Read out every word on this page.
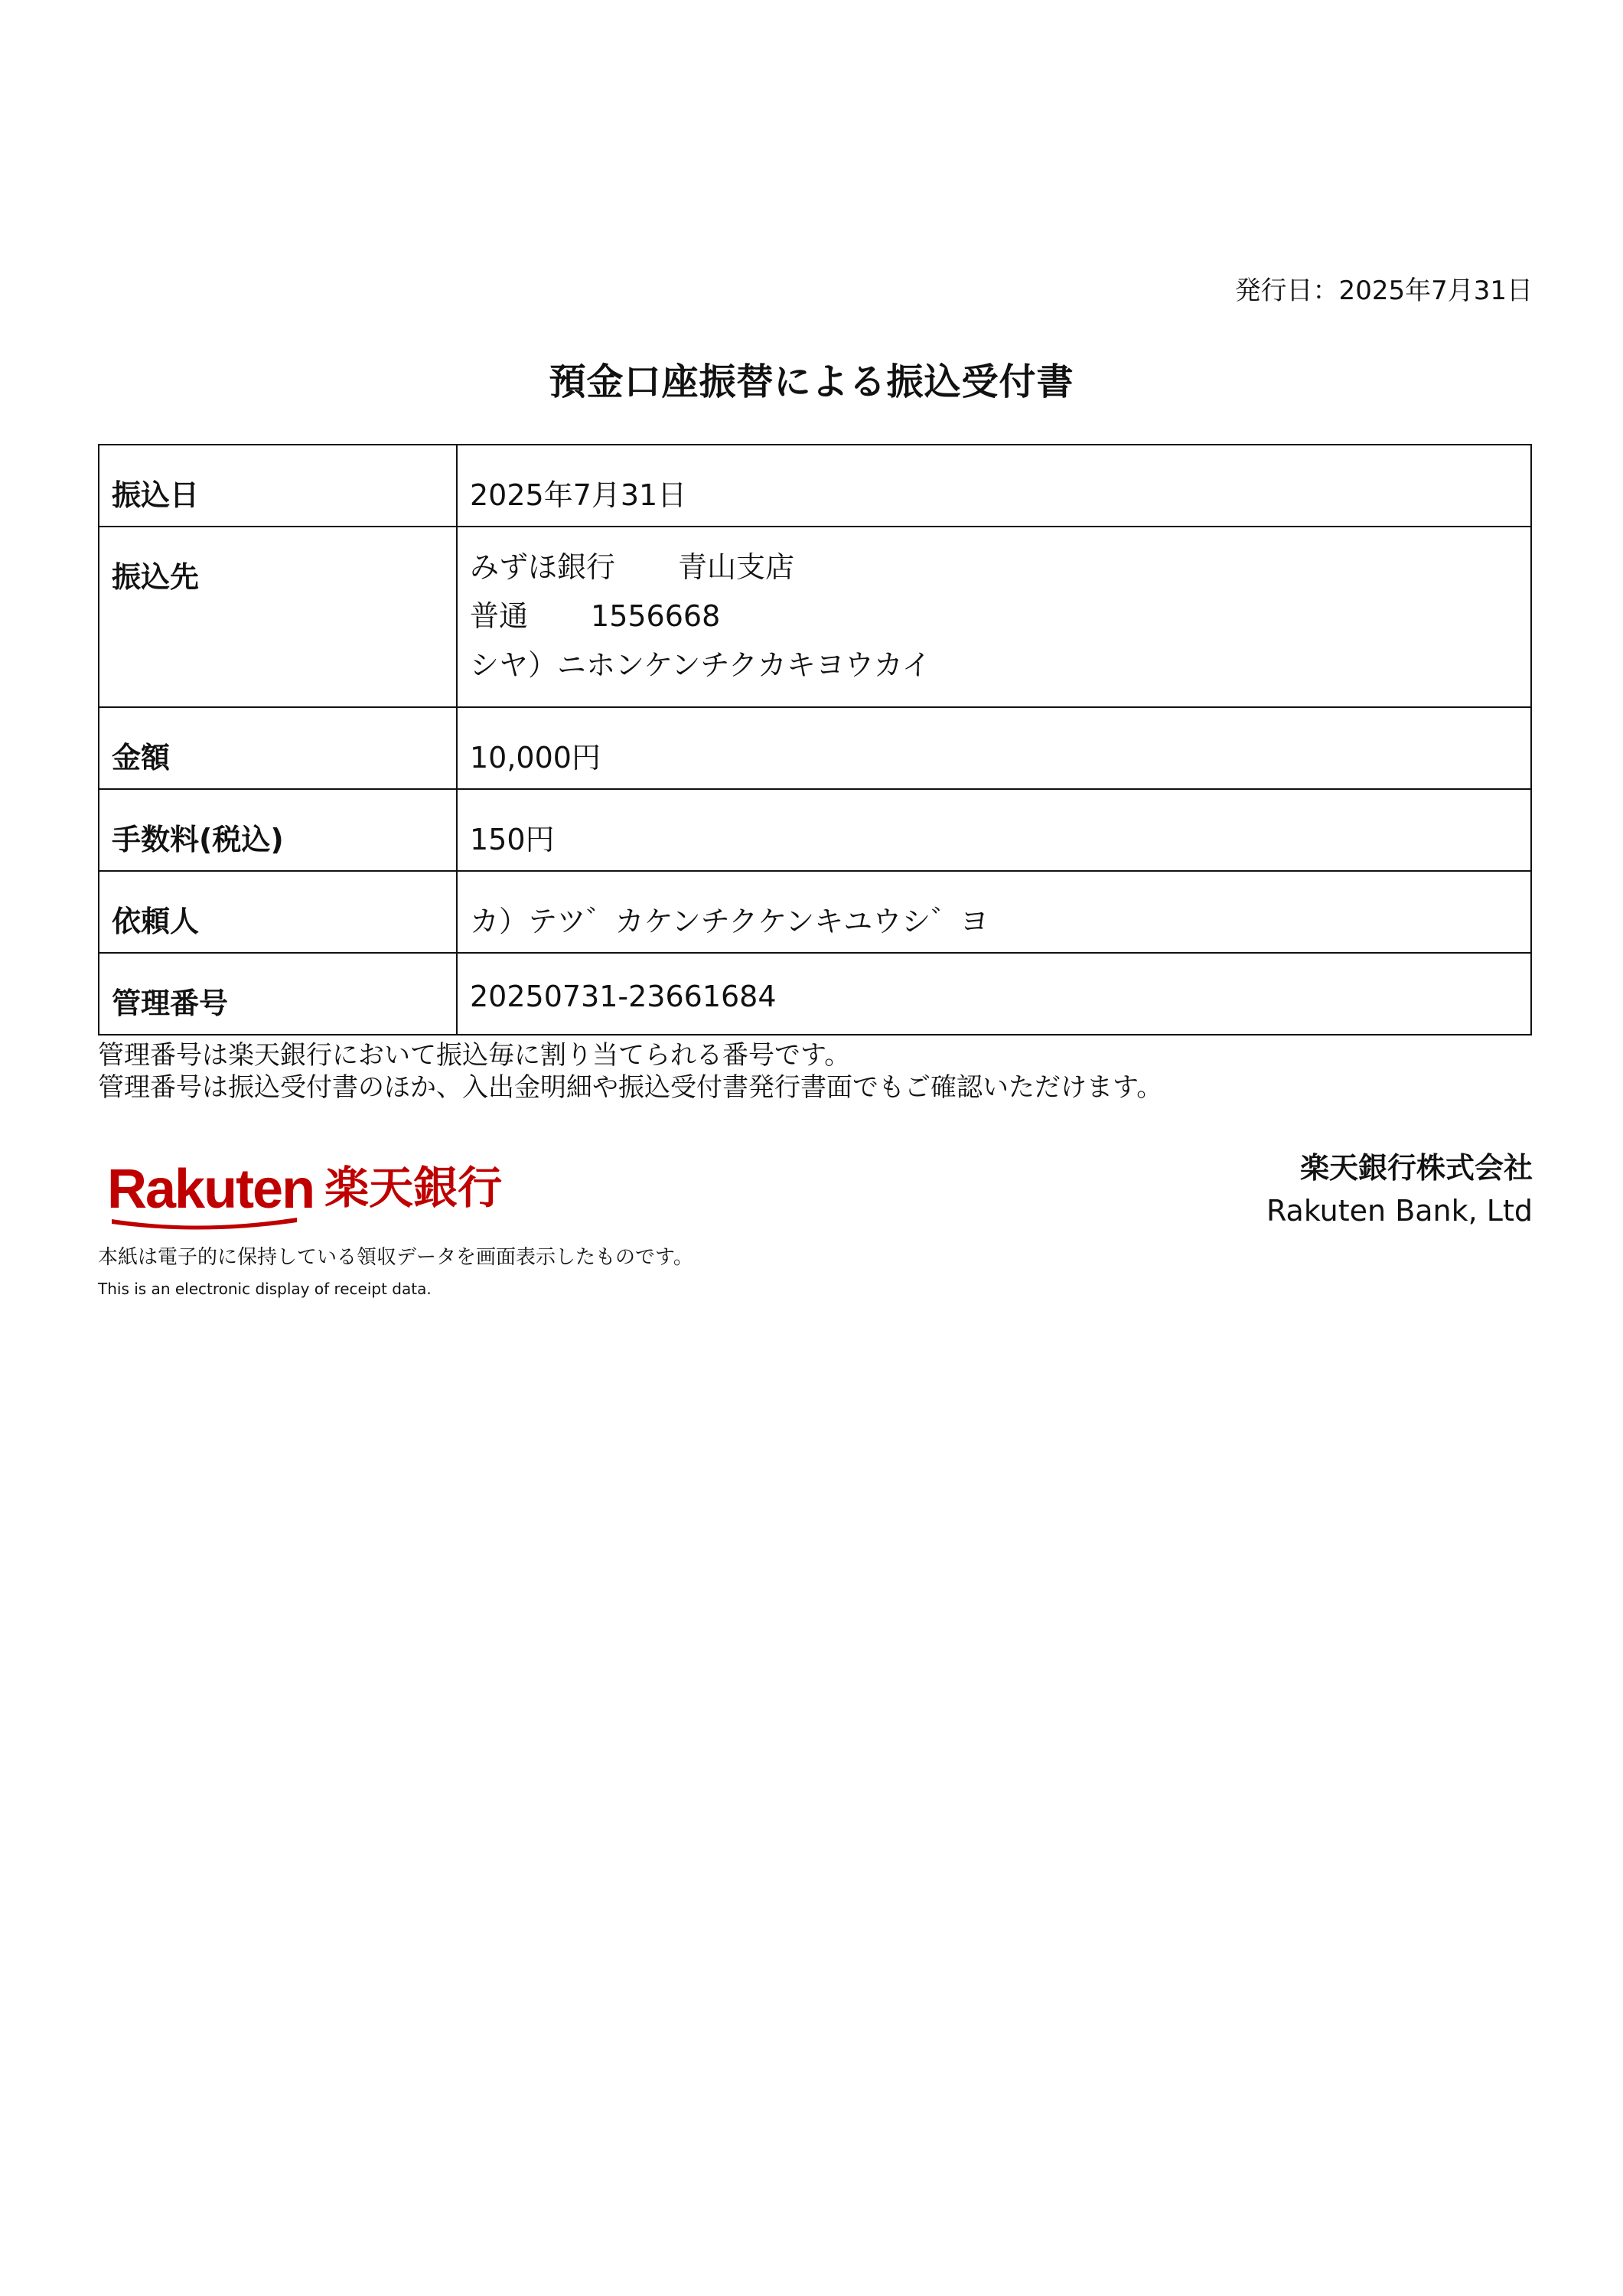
発行日：2025年7月31日
預金口座振替による振込受付書
振込日	2025年7月31日
振込先	みずほ銀行 青山支店
普通 1556668
シヤ）ニホンケンチクカキヨウカイ

金額	10,000円
手数料(税込)	150円
依頼人	カ）テツ゛カケンチクケンキユウシ゛ヨ
管理番号	20250731-23661684
管理番号は楽天銀行において振込毎に割り当てられる番号です。
管理番号は振込受付書のほか、入出金明細や振込受付書発行書面でもご確認いただけます。
Rakuten 楽天銀行	楽天銀行株式会社
Rakuten Bank, Ltd
本紙は電子的に保持している領収データを画面表示したものです。
This is an electronic display of receipt data.
